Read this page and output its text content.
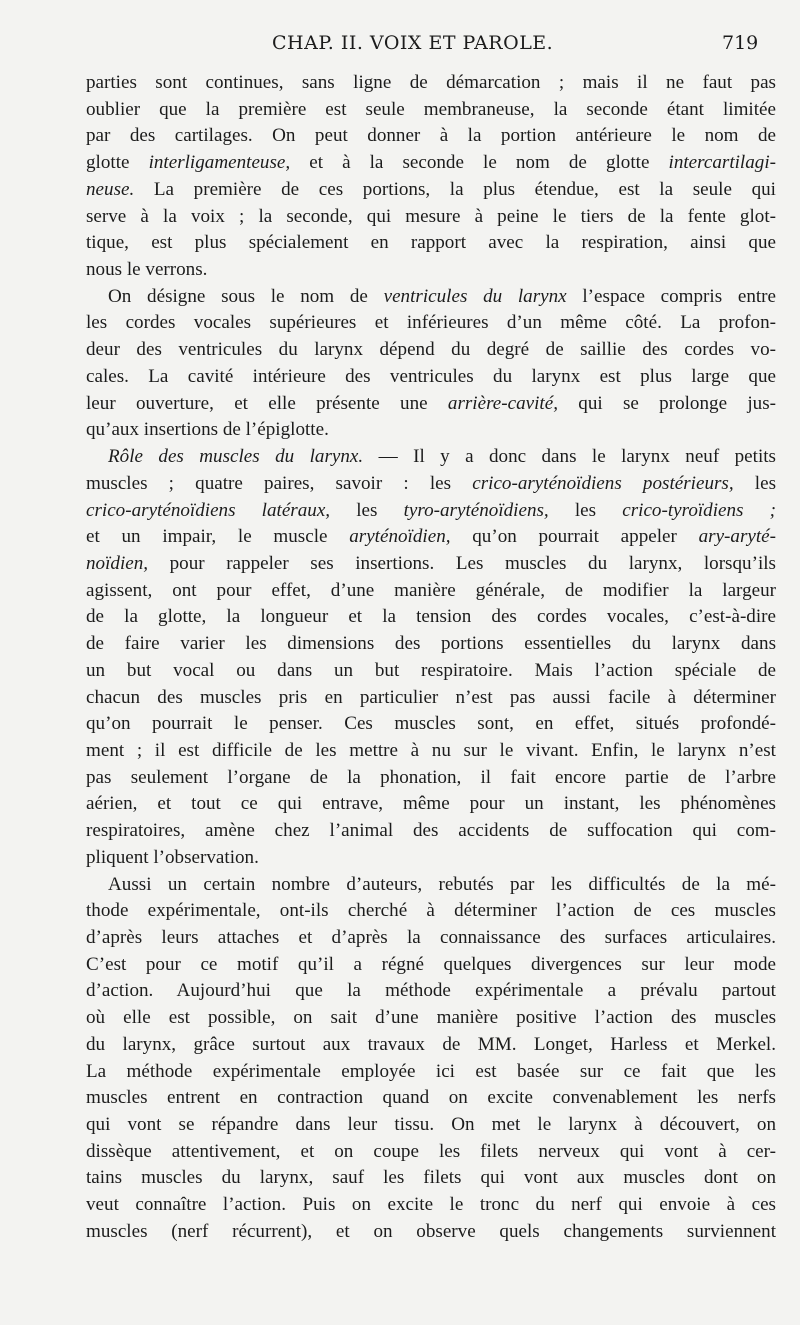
CHAP. II. VOIX ET PAROLE.	719

parties sont continues, sans ligne de démarcation ; mais il ne faut pas
oublier que la première est seule membraneuse, la seconde étant limitée
par des cartilages. On peut donner à la portion antérieure le nom de
glotte interligamenteuse, et à la seconde le nom de glotte intercartilagi-
neuse. La première de ces portions, la plus étendue, est la seule qui
serve à la voix ; la seconde, qui mesure à peine le tiers de la fente glot-
tique, est plus spécialement en rapport avec la respiration, ainsi que
nous le verrons.

On désigne sous le nom de ventricules du larynx l’espace compris entre
les cordes vocales supérieures et inférieures d’un même côté. La profon-
deur des ventricules du larynx dépend du degré de saillie des cordes vo-
cales. La cavité intérieure des ventricules du larynx est plus large que
leur ouverture, et elle présente une arrière-cavité, qui se prolonge jus-
qu’aux insertions de l’épiglotte.

Rôle des muscles du larynx. — Il y a donc dans le larynx neuf petits
muscles ; quatre paires, savoir : les crico-aryténoïdiens postérieurs, les
crico-aryténoïdiens latéraux, les tyro-aryténoïdiens, les crico-tyroïdiens ;
et un impair, le muscle aryténoïdien, qu’on pourrait appeler ary-aryté-
noïdien, pour rappeler ses insertions. Les muscles du larynx, lorsqu’ils
agissent, ont pour effet, d’une manière générale, de modifier la largeur
de la glotte, la longueur et la tension des cordes vocales, c’est-à-dire
de faire varier les dimensions des portions essentielles du larynx dans
un but vocal ou dans un but respiratoire. Mais l’action spéciale de
chacun des muscles pris en particulier n’est pas aussi facile à déterminer
qu’on pourrait le penser. Ces muscles sont, en effet, situés profondé-
ment ; il est difficile de les mettre à nu sur le vivant. Enfin, le larynx n’est
pas seulement l’organe de la phonation, il fait encore partie de l’arbre
aérien, et tout ce qui entrave, même pour un instant, les phénomènes
respiratoires, amène chez l’animal des accidents de suffocation qui com-
pliquent l’observation.

Aussi un certain nombre d’auteurs, rebutés par les difficultés de la mé-
thode expérimentale, ont-ils cherché à déterminer l’action de ces muscles
d’après leurs attaches et d’après la connaissance des surfaces articulaires.
C’est pour ce motif qu’il a régné quelques divergences sur leur mode
d’action. Aujourd’hui que la méthode expérimentale a prévalu partout
où elle est possible, on sait d’une manière positive l’action des muscles
du larynx, grâce surtout aux travaux de MM. Longet, Harless et Merkel.
La méthode expérimentale employée ici est basée sur ce fait que les
muscles entrent en contraction quand on excite convenablement les nerfs
qui vont se répandre dans leur tissu. On met le larynx à découvert, on
dissèque attentivement, et on coupe les filets nerveux qui vont à cer-
tains muscles du larynx, sauf les filets qui vont aux muscles dont on
veut connaître l’action. Puis on excite le tronc du nerf qui envoie à ces
muscles (nerf récurrent), et on observe quels changements surviennent
